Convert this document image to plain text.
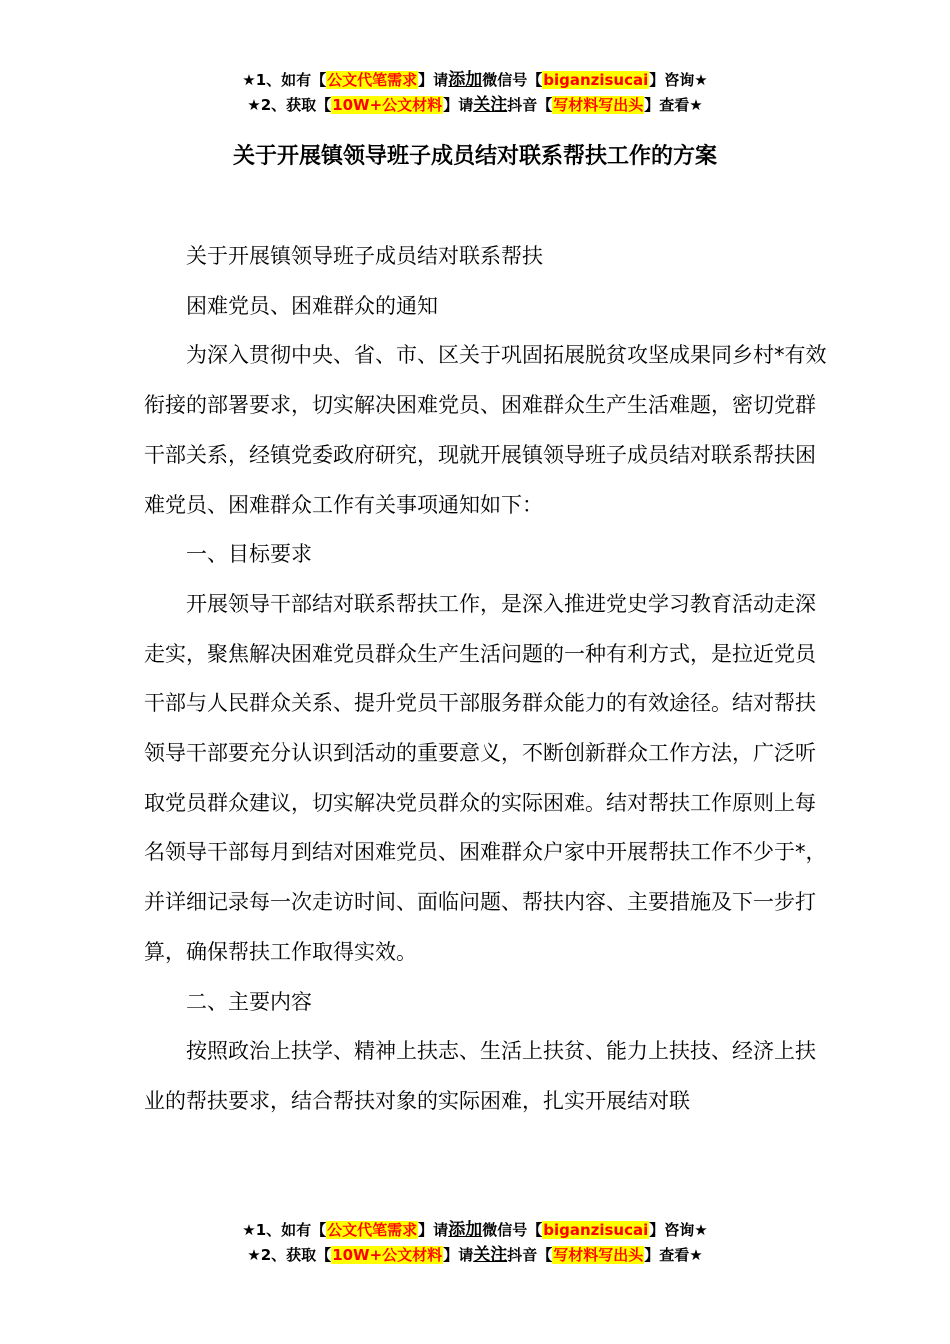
★1、如有【公文代笔需求】请添加微信号【biganzisucai】咨询★
★2、获取【10W+公文材料】请关注抖音【写材料写出头】查看★
关于开展镇领导班子成员结对联系帮扶工作的方案

关于开展镇领导班子成员结对联系帮扶

困难党员、困难群众的通知

为深入贯彻中央、省、市、区关于巩固拓展脱贫攻坚成果同乡村*有效衔接的部署要求，切实解决困难党员、困难群众生产生活难题，密切党群干部关系，经镇党委政府研究，现就开展镇领导班子成员结对联系帮扶困难党员、困难群众工作有关事项通知如下：

一、目标要求

开展领导干部结对联系帮扶工作，是深入推进党史学习教育活动走深走实，聚焦解决困难党员群众生产生活问题的一种有利方式，是拉近党员干部与人民群众关系、提升党员干部服务群众能力的有效途径。结对帮扶领导干部要充分认识到活动的重要意义，不断创新群众工作方法，广泛听取党员群众建议，切实解决党员群众的实际困难。结对帮扶工作原则上每名领导干部每月到结对困难党员、困难群众户家中开展帮扶工作不少于*，并详细记录每一次走访时间、面临问题、帮扶内容、主要措施及下一步打算，确保帮扶工作取得实效。

二、主要内容

按照政治上扶学、精神上扶志、生活上扶贫、能力上扶技、经济上扶业的帮扶要求，结合帮扶对象的实际困难，扎实开展结对联

★1、如有【公文代笔需求】请添加微信号【biganzisucai】咨询★
★2、获取【10W+公文材料】请关注抖音【写材料写出头】查看★
